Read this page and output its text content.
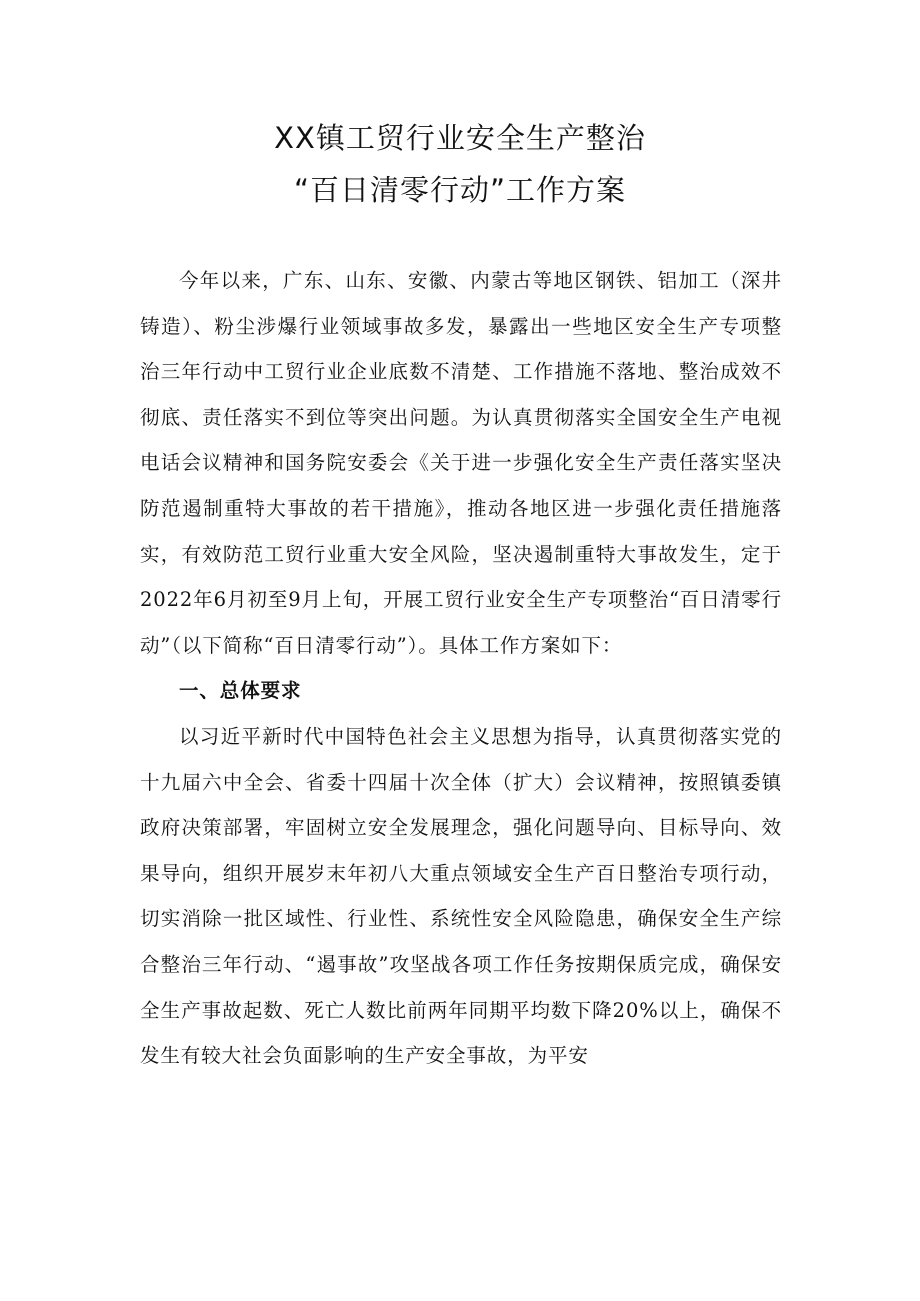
XX镇工贸行业安全生产整治
“百日清零行动”工作方案

今年以来，广东、山东、安徽、内蒙古等地区钢铁、铝加工（深井铸造）、粉尘涉爆行业领域事故多发，暴露出一些地区安全生产专项整治三年行动中工贸行业企业底数不清楚、工作措施不落地、整治成效不彻底、责任落实不到位等突出问题。为认真贯彻落实全国安全生产电视电话会议精神和国务院安委会《关于进一步强化安全生产责任落实坚决防范遏制重特大事故的若干措施》，推动各地区进一步强化责任措施落实，有效防范工贸行业重大安全风险，坚决遏制重特大事故发生，定于2022年6月初至9月上旬，开展工贸行业安全生产专项整治“百日清零行动”（以下简称“百日清零行动”）。具体工作方案如下：

一、总体要求

以习近平新时代中国特色社会主义思想为指导，认真贯彻落实党的十九届六中全会、省委十四届十次全体（扩大）会议精神，按照镇委镇政府决策部署，牢固树立安全发展理念，强化问题导向、目标导向、效果导向，组织开展岁末年初八大重点领域安全生产百日整治专项行动，切实消除一批区域性、行业性、系统性安全风险隐患，确保安全生产综合整治三年行动、“遏事故”攻坚战各项工作任务按期保质完成，确保安全生产事故起数、死亡人数比前两年同期平均数下降20%以上，确保不发生有较大社会负面影响的生产安全事故，为平安
